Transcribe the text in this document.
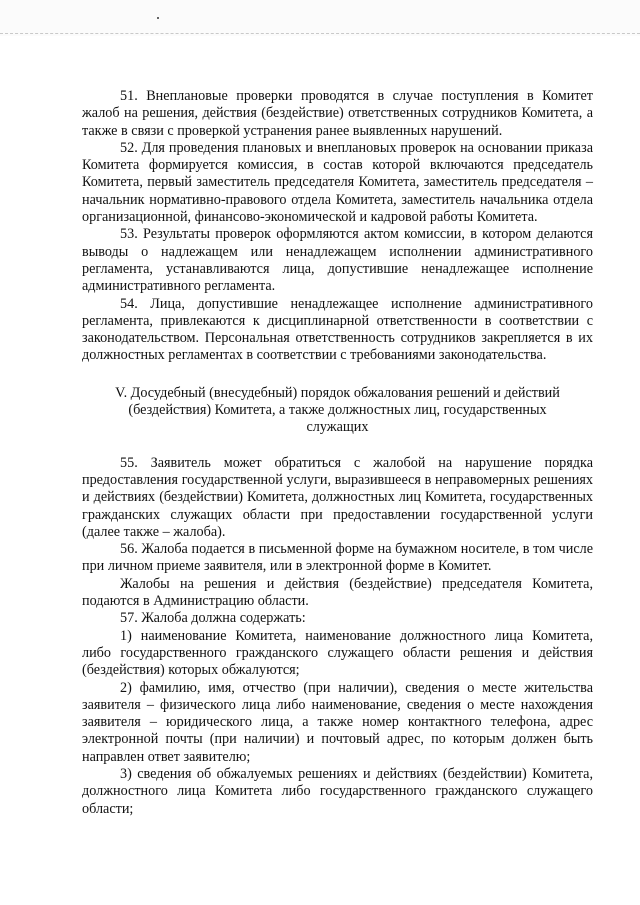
51. Внеплановые проверки проводятся в случае поступления в Комитет жалоб на решения, действия (бездействие) ответственных сотрудников Комитета, а также в связи с проверкой устранения ранее выявленных нарушений.

52. Для проведения плановых и внеплановых проверок на основании приказа Комитета формируется комиссия, в состав которой включаются председатель Комитета, первый заместитель председателя Комитета, заместитель председателя – начальник нормативно-правового отдела Комитета, заместитель начальника отдела организационной, финансово-экономической и кадровой работы Комитета.

53. Результаты проверок оформляются актом комиссии, в котором делаются выводы о надлежащем или ненадлежащем исполнении административного регламента, устанавливаются лица, допустившие ненадлежащее исполнение административного регламента.

54. Лица, допустившие ненадлежащее исполнение административного регламента, привлекаются к дисциплинарной ответственности в соответствии с законодательством. Персональная ответственность сотрудников закрепляется в их должностных регламентах в соответствии с требованиями законодательства.

V. Досудебный (внесудебный) порядок обжалования решений и действий
(бездействия) Комитета, а также должностных лиц, государственных
служащих

55. Заявитель может обратиться с жалобой на нарушение порядка предоставления государственной услуги, выразившееся в неправомерных решениях и действиях (бездействии) Комитета, должностных лиц Комитета, государственных гражданских служащих области при предоставлении государственной услуги (далее также – жалоба).

56. Жалоба подается в письменной форме на бумажном носителе, в том числе при личном приеме заявителя, или в электронной форме в Комитет.

Жалобы на решения и действия (бездействие) председателя Комитета, подаются в Администрацию области.

57. Жалоба должна содержать:

1) наименование Комитета, наименование должностного лица Комитета, либо государственного гражданского служащего области решения и действия (бездействия) которых обжалуются;

2) фамилию, имя, отчество (при наличии), сведения о месте жительства заявителя – физического лица либо наименование, сведения о месте нахождения заявителя – юридического лица, а также номер контактного телефона, адрес электронной почты (при наличии) и почтовый адрес, по которым должен быть направлен ответ заявителю;

3) сведения об обжалуемых решениях и действиях (бездействии) Комитета, должностного лица Комитета либо государственного гражданского служащего области;
